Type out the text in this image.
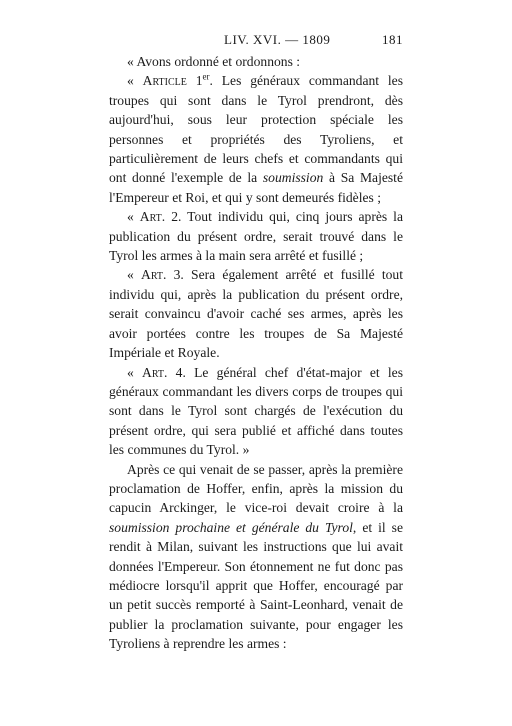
LIV. XVI. — 1809	181

« Avons ordonné et ordonnons :

« Article 1er. Les généraux commandant les troupes qui sont dans le Tyrol prendront, dès aujourd'hui, sous leur protection spéciale les personnes et propriétés des Tyroliens, et particulièrement de leurs chefs et commandants qui ont donné l'exemple de la soumission à Sa Majesté l'Empereur et Roi, et qui y sont demeurés fidèles ;

« Art. 2. Tout individu qui, cinq jours après la publication du présent ordre, serait trouvé dans le Tyrol les armes à la main sera arrêté et fusillé ;

« Art. 3. Sera également arrêté et fusillé tout individu qui, après la publication du présent ordre, serait convaincu d'avoir caché ses armes, après les avoir portées contre les troupes de Sa Majesté Impériale et Royale.

« Art. 4. Le général chef d'état-major et les généraux commandant les divers corps de troupes qui sont dans le Tyrol sont chargés de l'exécution du présent ordre, qui sera publié et affiché dans toutes les communes du Tyrol. »

Après ce qui venait de se passer, après la première proclamation de Hoffer, enfin, après la mission du capucin Arckinger, le vice-roi devait croire à la soumission prochaine et générale du Tyrol, et il se rendit à Milan, suivant les instructions que lui avait données l'Empereur. Son étonnement ne fut donc pas médiocre lorsqu'il apprit que Hoffer, encouragé par un petit succès remporté à Saint-Leonhard, venait de publier la proclamation suivante, pour engager les Tyroliens à reprendre les armes :
